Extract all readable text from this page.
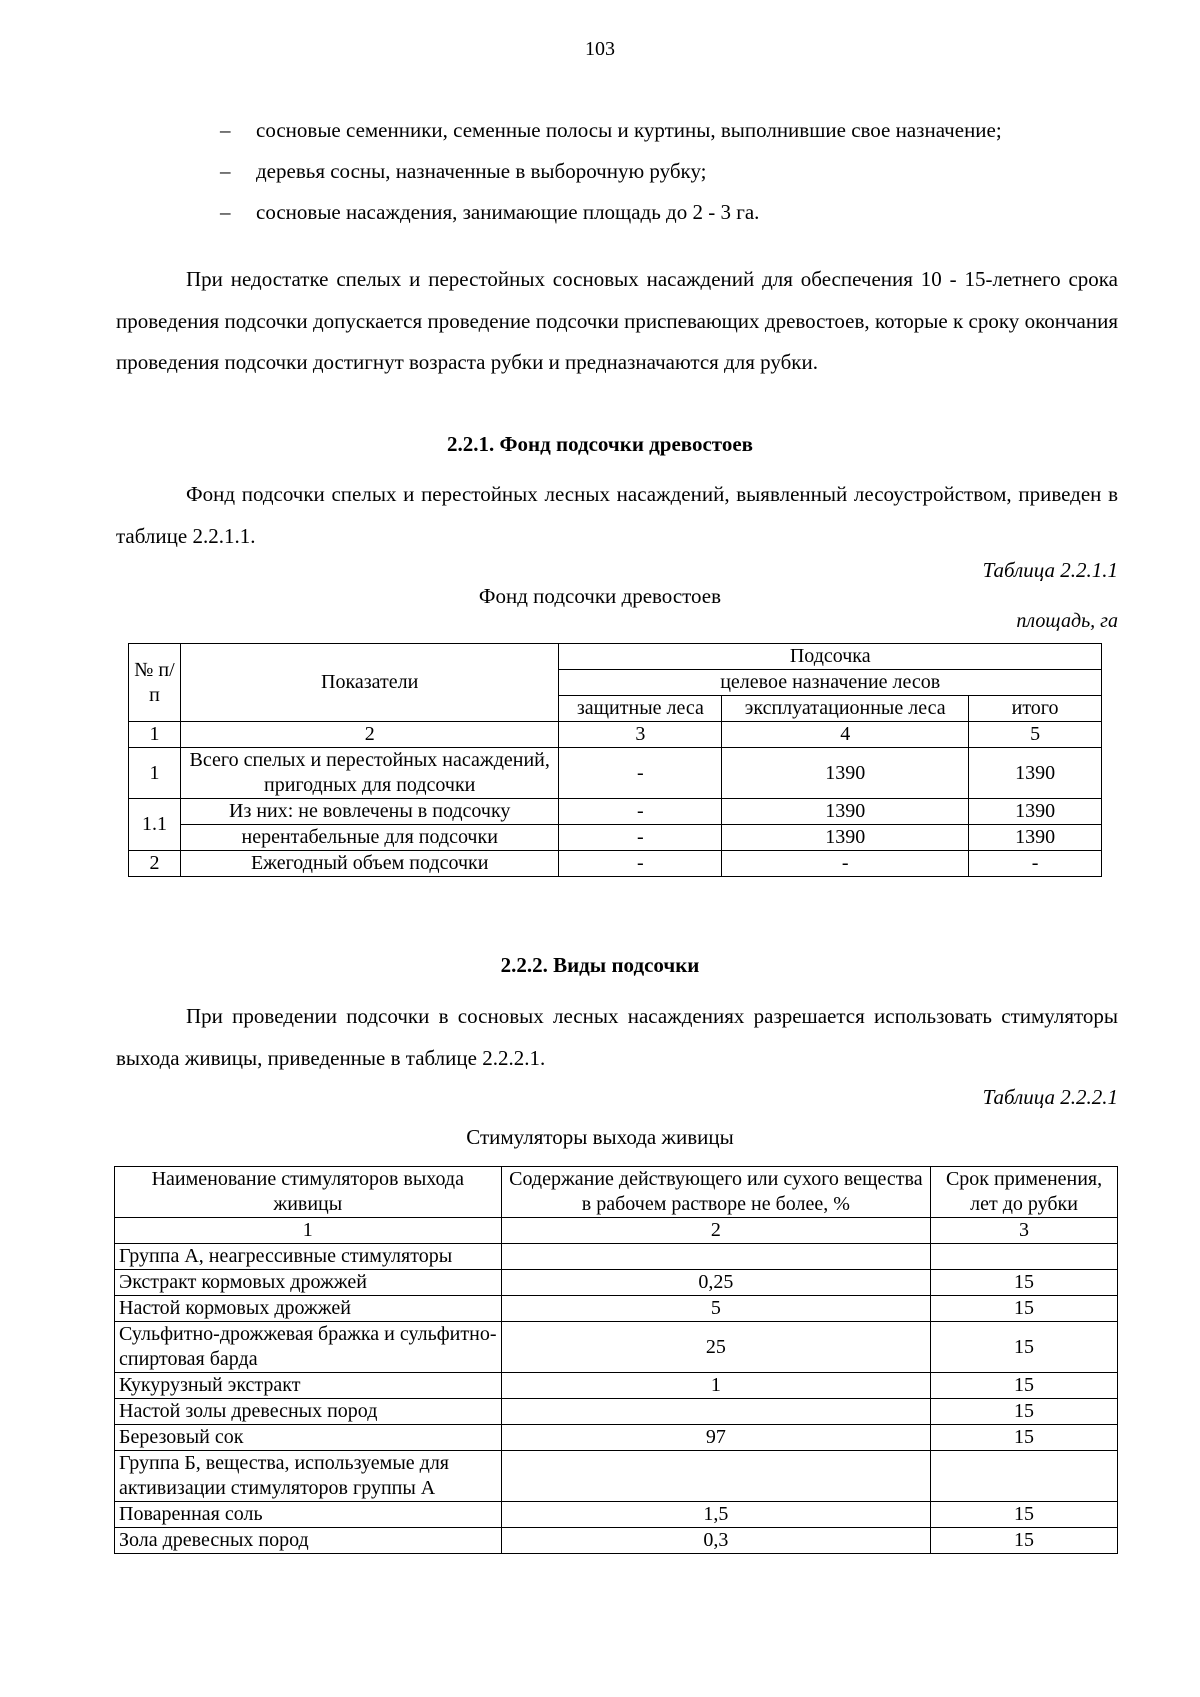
103
– сосновые семенники, семенные полосы и куртины, выполнившие свое назначение;
– деревья сосны, назначенные в выборочную рубку;
– сосновые насаждения, занимающие площадь до 2 - 3 га.
При недостатке спелых и перестойных сосновых насаждений для обеспечения 10 - 15-летнего срока проведения подсочки допускается проведение подсочки приспевающих древостоев, которые к сроку окончания проведения подсочки достигнут возраста рубки и предназначаются для рубки.
2.2.1. Фонд подсочки древостоев
Фонд подсочки спелых и перестойных лесных насаждений, выявленный лесоустройством, приведен в таблице 2.2.1.1.
Таблица 2.2.1.1
Фонд подсочки древостоев
площадь, га
№ п/п	Показатели	Подсочка		
		целевое назначение лесов		
		защитные леса	эксплуатационные леса	итого
1	2	3	4	5
1	Всего спелых и перестойных насаждений, пригодных для подсочки	-	1390	1390
1.1	Из них: не вовлечены в подсочку	-	1390	1390
	нерентабельные для подсочки	-	1390	1390
2	Ежегодный объем подсочки	-	-	-
2.2.2. Виды подсочки
При проведении подсочки в сосновых лесных насаждениях разрешается использовать стимуляторы выхода живицы, приведенные в таблице 2.2.2.1.
Таблица 2.2.2.1
Стимуляторы выхода живицы
Наименование стимуляторов выхода живицы	Содержание действующего или сухого вещества в рабочем растворе не более, %	Срок применения, лет до рубки
1	2	3
Группа А, неагрессивные стимуляторы		
Экстракт кормовых дрожжей	0,25	15
Настой кормовых дрожжей	5	15
Сульфитно-дрожжевая бражка и сульфитно-спиртовая барда	25	15
Кукурузный экстракт	1	15
Настой золы древесных пород		15
Березовый сок	97	15
Группа Б, вещества, используемые для активизации стимуляторов группы А		
Поваренная соль	1,5	15
Зола древесных пород	0,3	15
